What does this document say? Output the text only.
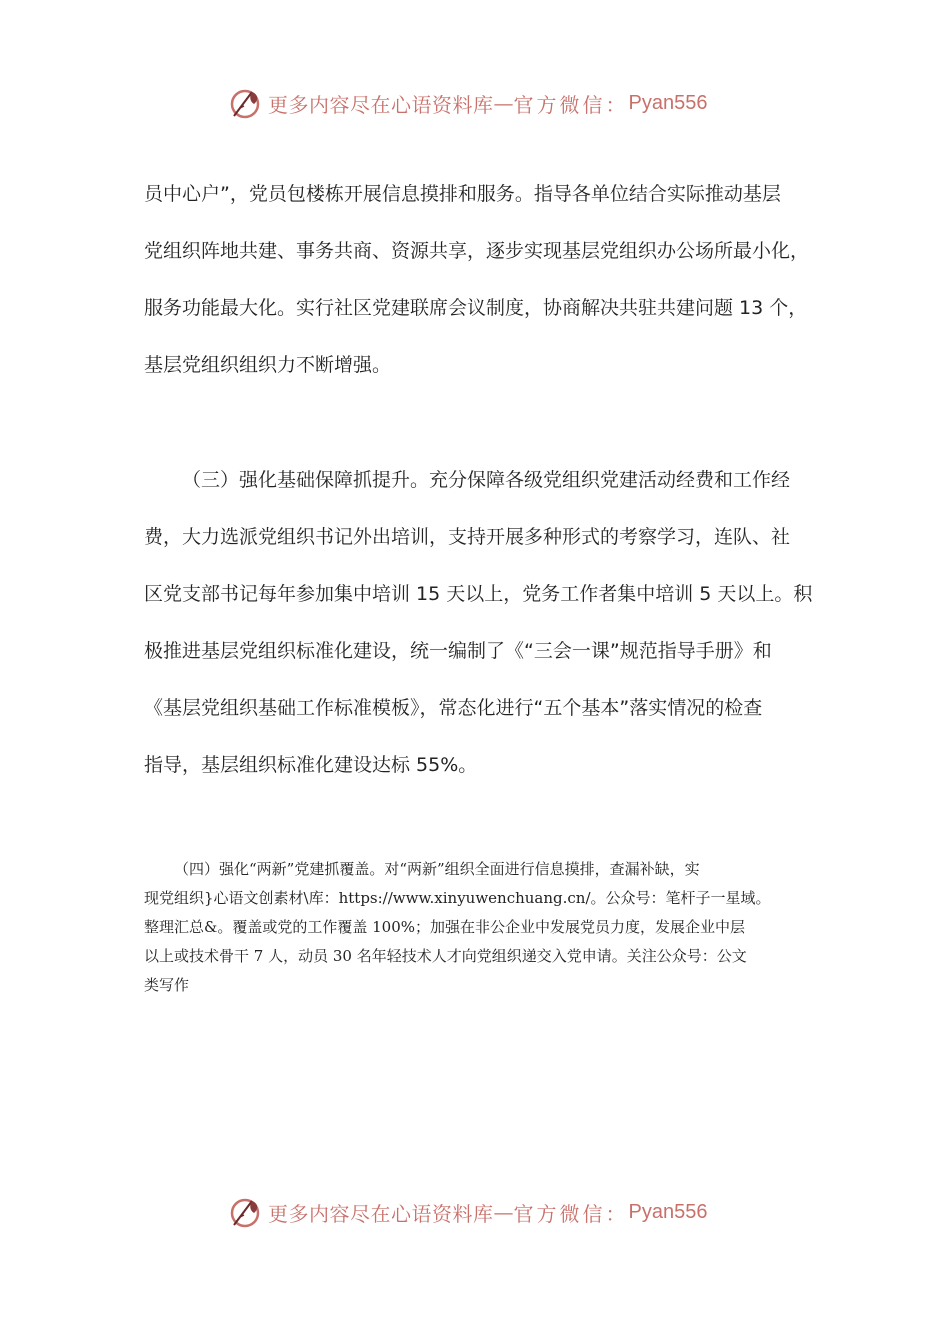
更多内容尽在心语资料库 — 官方微信： Pyan556
员中心户”，党员包楼栋开展信息摸排和服务。指导各单位结合实际推动基层
党组织阵地共建、事务共商、资源共享，逐步实现基层党组织办公场所最小化，
服务功能最大化。实行社区党建联席会议制度，协商解决共驻共建问题 13 个，
基层党组织组织力不断增强。
（三）强化基础保障抓提升。充分保障各级党组织党建活动经费和工作经
费，大力选派党组织书记外出培训，支持开展多种形式的考察学习，连队、社
区党支部书记每年参加集中培训 15 天以上，党务工作者集中培训 5 天以上。积
极推进基层党组织标准化建设，统一编制了《“三会一课”规范指导手册》和
《基层党组织基础工作标准模板》，常态化进行“五个基本”落实情况的检查
指导，基层组织标准化建设达标 55%。
（四）强化“两新”党建抓覆盖。对“两新”组织全面进行信息摸排，查漏补缺，实
现党组织}心语文创素材\库：https://www.xinyuwenchuang.cn/。公众号：笔杆子一星域。
整理汇总&。覆盖或党的工作覆盖 100%；加强在非公企业中发展党员力度，发展企业中层
以上或技术骨干 7 人，动员 30 名年轻技术人才向党组织递交入党申请。关注公众号：公文
类写作
更多内容尽在心语资料库 — 官方微信： Pyan556
